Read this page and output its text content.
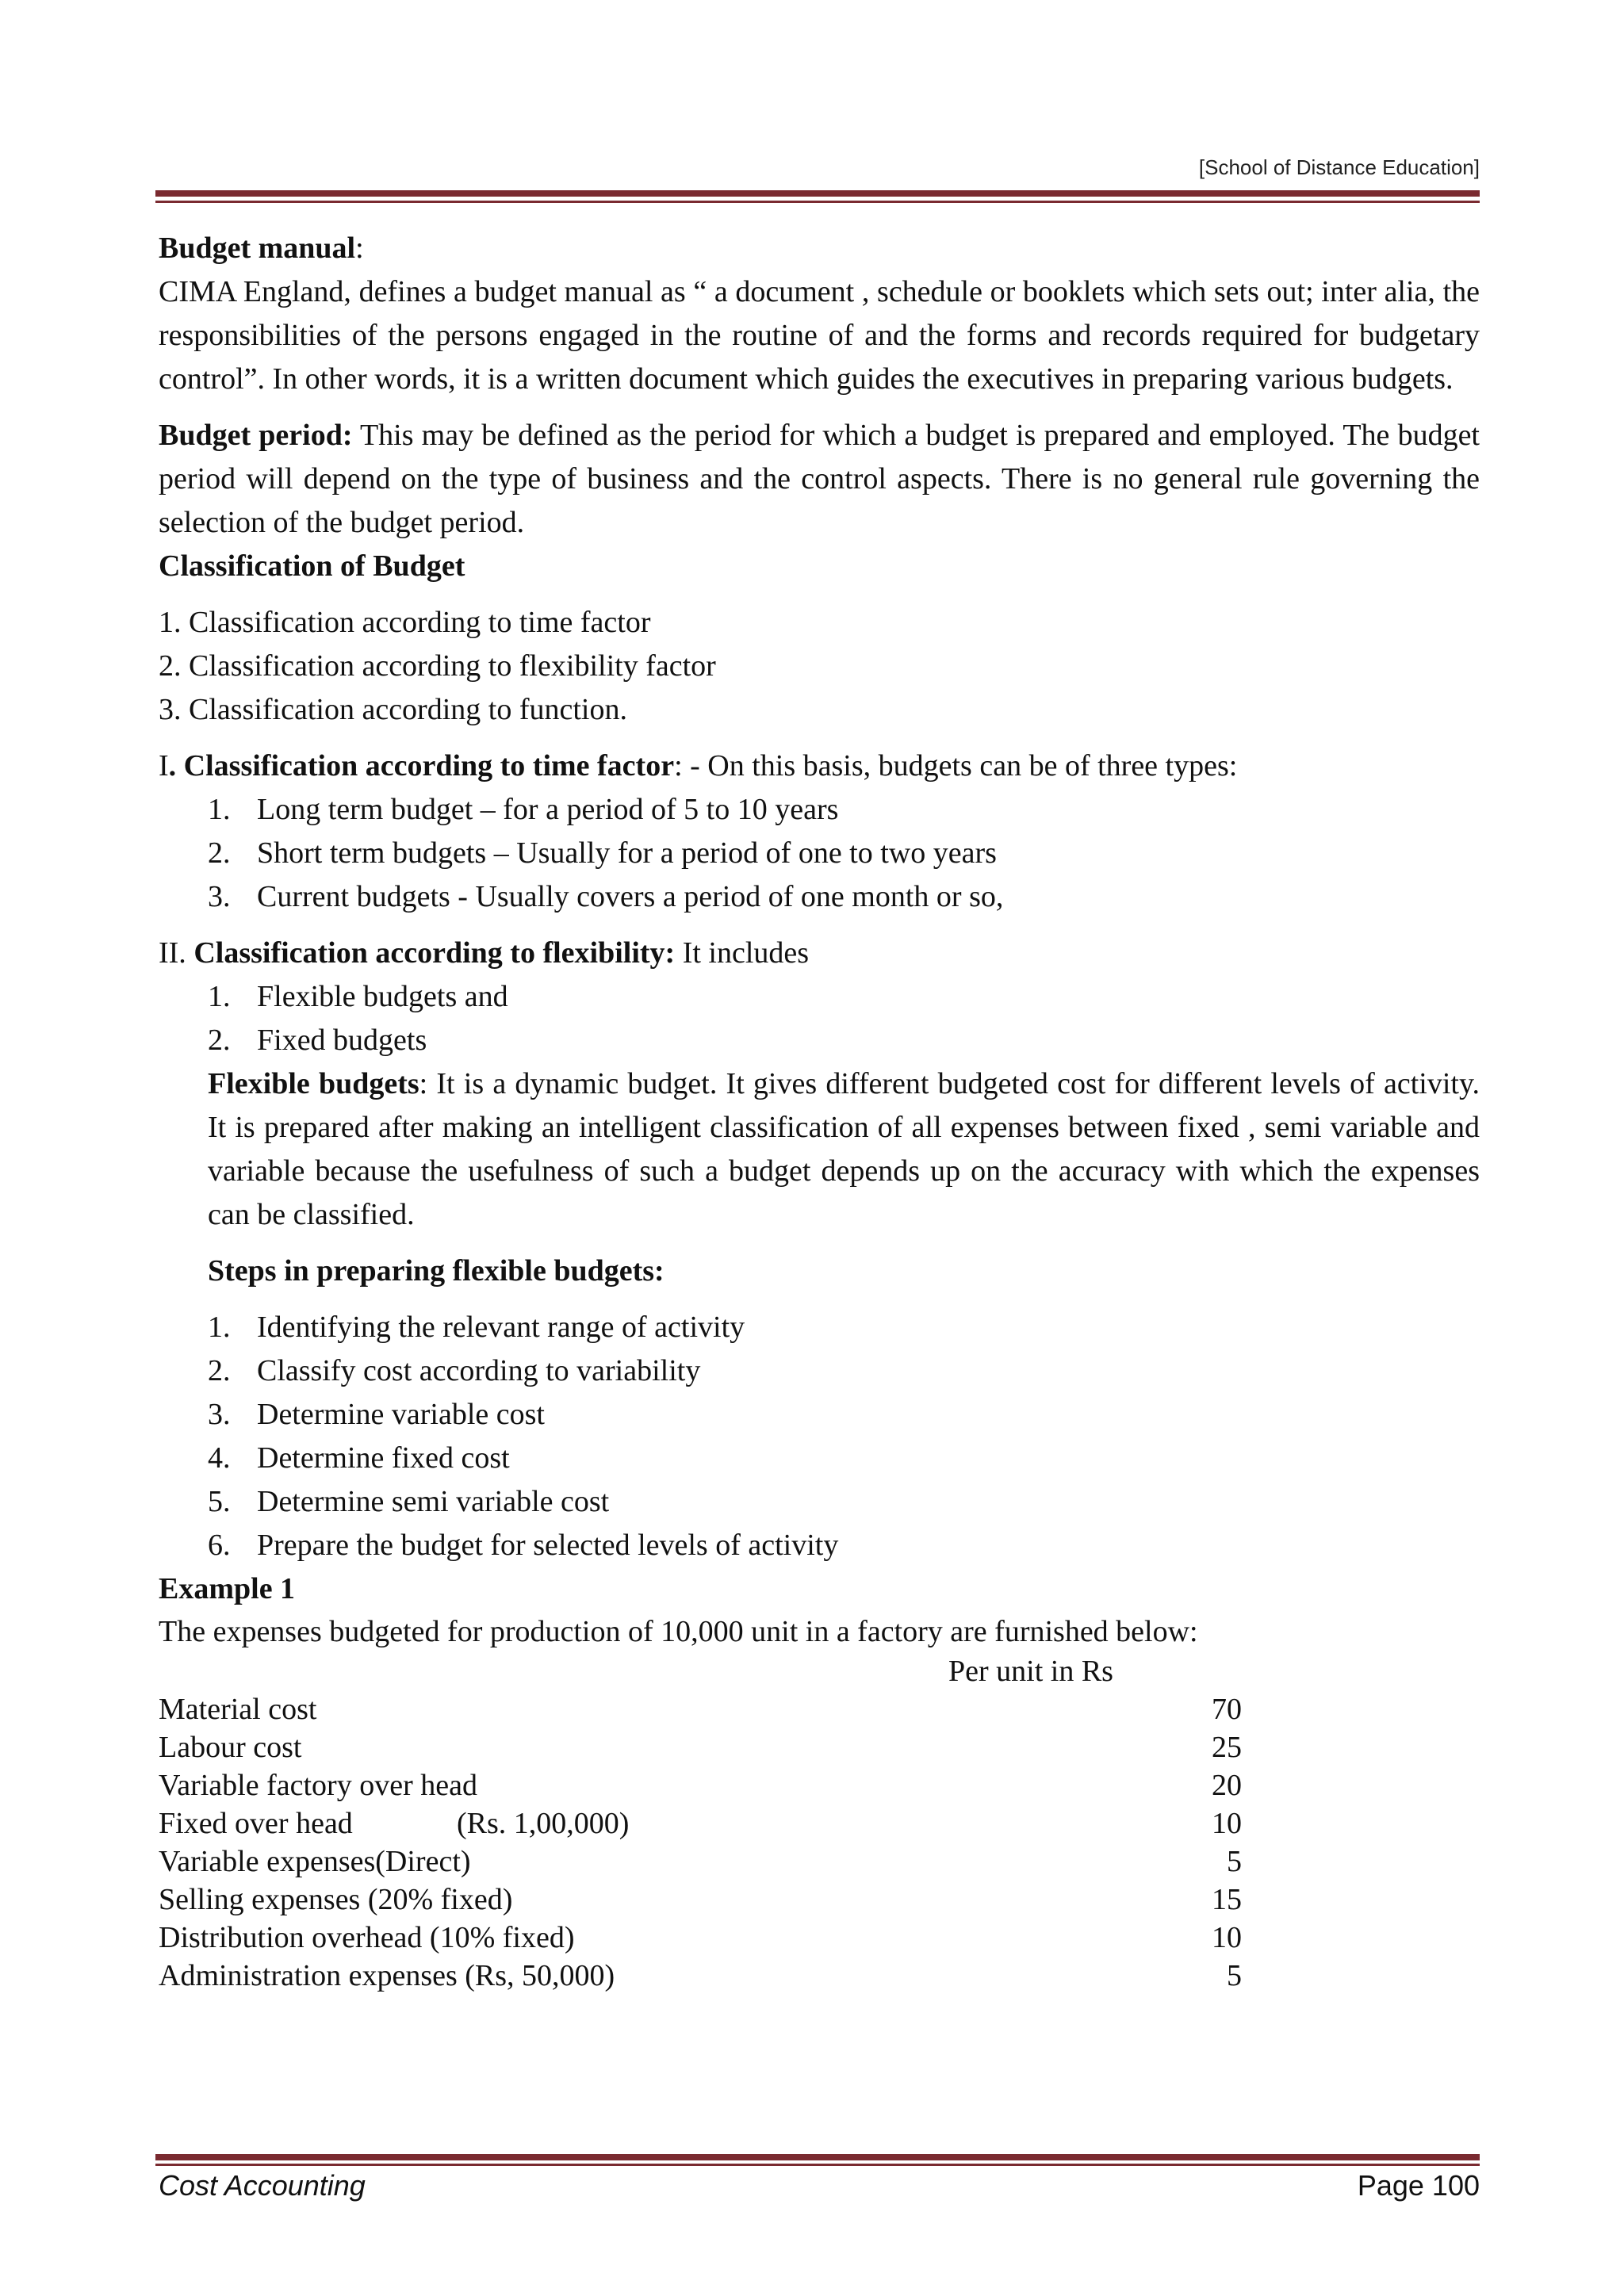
[School of Distance Education]
Budget manual:

CIMA England, defines a budget manual as “ a document , schedule or booklets which sets out; inter alia, the responsibilities of the persons engaged in the routine of and the forms and records required for budgetary control”. In other words, it is a written document which guides the executives in preparing various budgets.

Budget period: This may be defined as the period for which a budget is prepared and employed. The budget period will depend on the type of business and the control aspects. There is no general rule governing the selection of the budget period.

Classification of Budget
1. Classification according to time factor
2. Classification according to flexibility factor
3. Classification according to function.
I. Classification according to time factor: - On this basis, budgets can be of three types:
1. Long term budget – for a period of 5 to 10 years
2. Short term budgets – Usually for a period of one to two years
3. Current budgets - Usually covers a period of one month or so,
II. Classification according to flexibility: It includes
1. Flexible budgets and
2. Fixed budgets

Flexible budgets: It is a dynamic budget. It gives different budgeted cost for different levels of activity. It is prepared after making an intelligent classification of all expenses between fixed , semi variable and variable because the usefulness of such a budget depends up on the accuracy with which the expenses can be classified.

Steps in preparing flexible budgets:
1. Identifying the relevant range of activity
2. Classify cost according to variability
3. Determine variable cost
4. Determine fixed cost
5. Determine semi variable cost
6. Prepare the budget for selected levels of activity
Example 1
The expenses budgeted for production of 10,000 unit in a factory are furnished below:
Per unit in Rs
Material cost	70
Labour cost	25
Variable factory over head	20
Fixed over head	(Rs. 1,00,000)	10
Variable expenses(Direct)	5
Selling expenses (20% fixed)	15
Distribution overhead (10% fixed)	10
Administration expenses (Rs, 50,000)	5
Cost Accounting	Page 100
